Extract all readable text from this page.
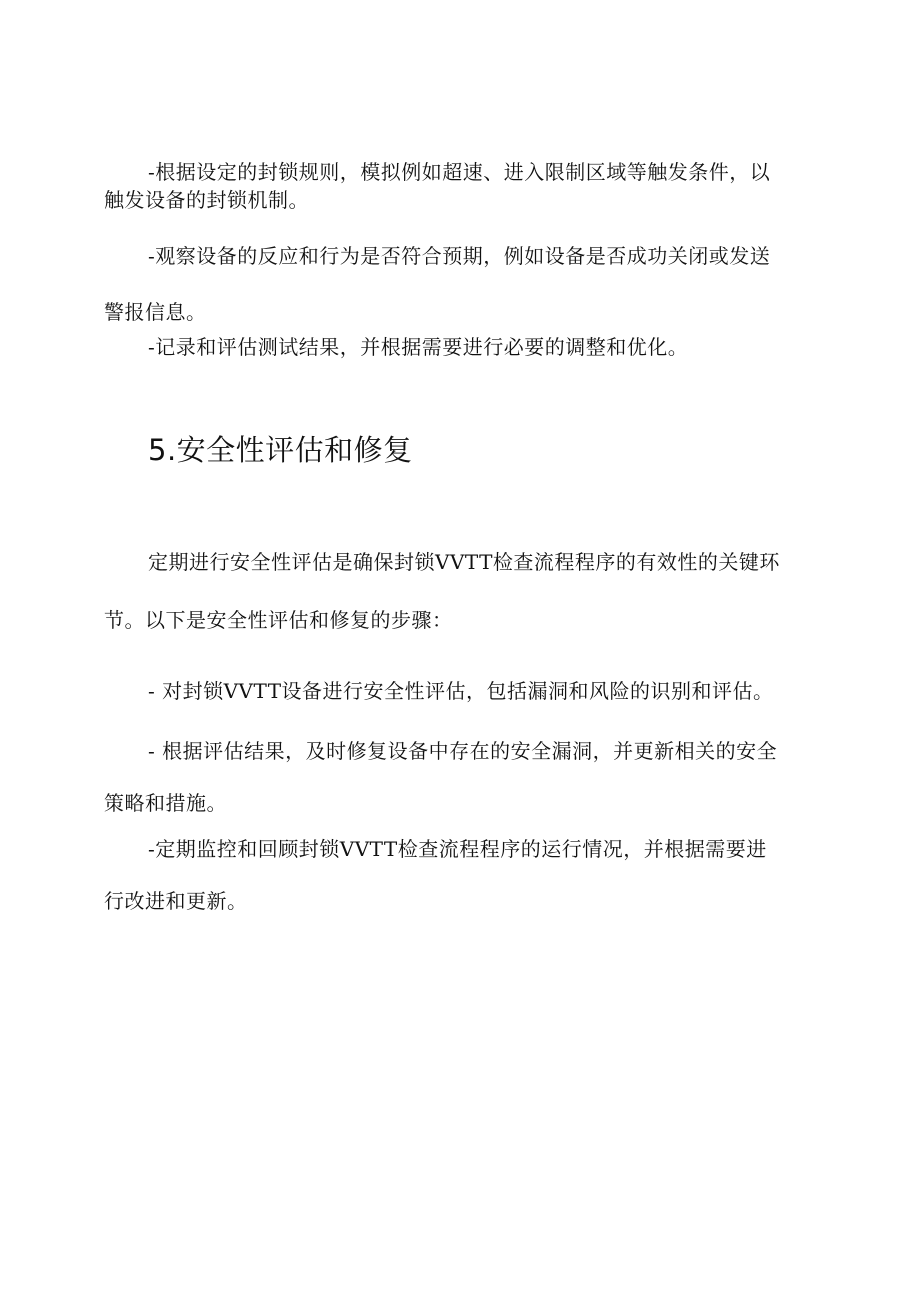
-根据设定的封锁规则，模拟例如超速、进入限制区域等触发条件，以
触发设备的封锁机制。

-观察设备的反应和行为是否符合预期，例如设备是否成功关闭或发送
警报信息。

-记录和评估测试结果，并根据需要进行必要的调整和优化。

5.安全性评估和修复

定期进行安全性评估是确保封锁VVTT检查流程程序的有效性的关键环
节。以下是安全性评估和修复的步骤：

- 对封锁VVTT设备进行安全性评估，包括漏洞和风险的识别和评估。

- 根据评估结果，及时修复设备中存在的安全漏洞，并更新相关的安全
策略和措施。

-定期监控和回顾封锁VVTT检查流程程序的运行情况，并根据需要进
行改进和更新。
